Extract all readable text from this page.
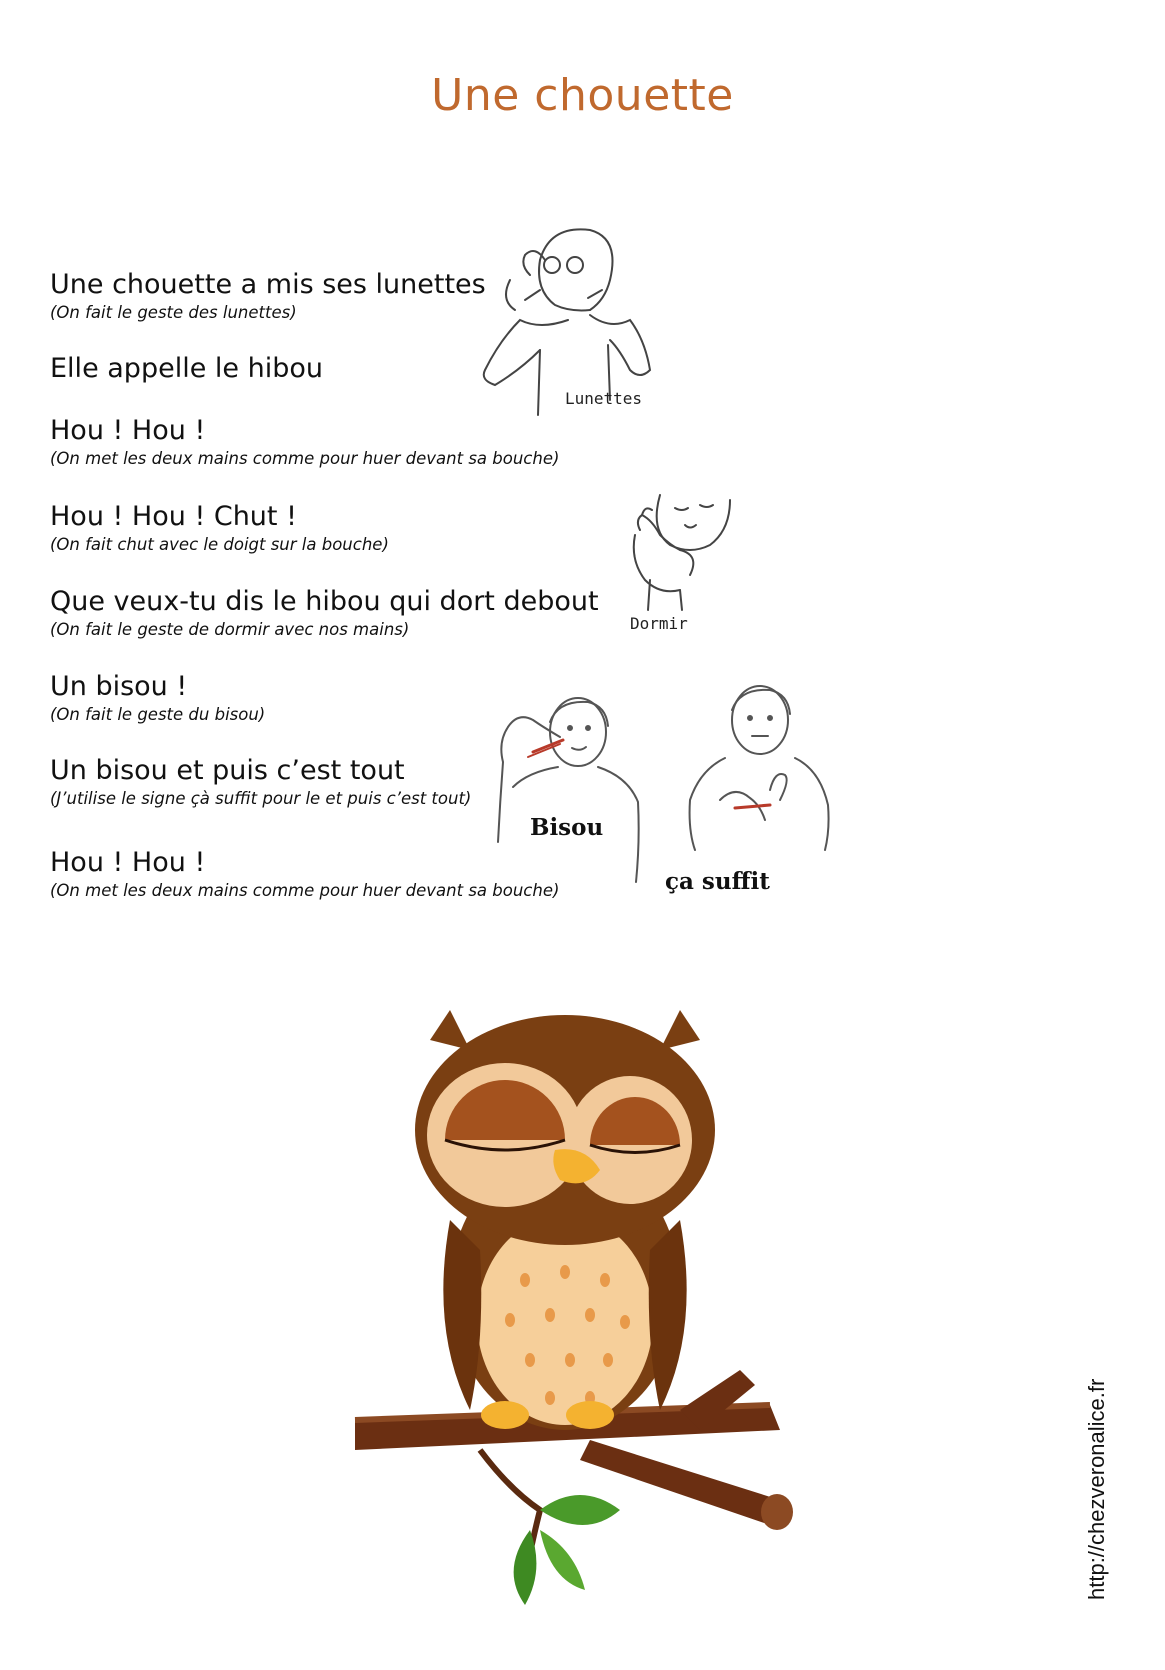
Une chouette
Une chouette a mis ses lunettes
(On fait le geste des lunettes)
Elle appelle le hibou
Hou ! Hou !
(On met les deux mains comme pour huer devant sa bouche)
Hou ! Hou ! Chut !
(On fait chut avec le doigt sur la bouche)
Que veux-tu dis le hibou qui dort debout
(On fait le geste de dormir avec nos mains)
Un bisou !
(On fait le geste du bisou)
Un bisou et puis c’est tout
(J’utilise le signe çà suffit pour le et puis c’est tout)
Hou ! Hou !
(On met les deux mains comme pour huer devant sa bouche)
Lunettes
Dormir
Bisou
ça suffit
http://chezveronalice.fr
